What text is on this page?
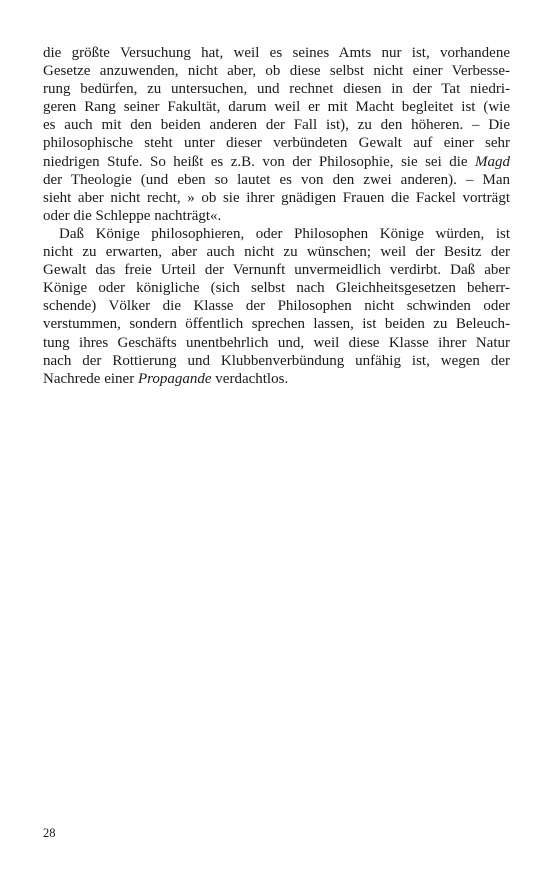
die größte Versuchung hat, weil es seines Amts nur ist, vorhandene
Gesetze anzuwenden, nicht aber, ob diese selbst nicht einer Verbesse-
rung bedürfen, zu untersuchen, und rechnet diesen in der Tat niedri-
geren Rang seiner Fakultät, darum weil er mit Macht begleitet ist (wie
es auch mit den beiden anderen der Fall ist), zu den höheren. – Die
philosophische steht unter dieser verbündeten Gewalt auf einer sehr
niedrigen Stufe. So heißt es z.B. von der Philosophie, sie sei die Magd
der Theologie (und eben so lautet es von den zwei anderen). – Man
sieht aber nicht recht, » ob sie ihrer gnädigen Frauen die Fackel vorträgt
oder die Schleppe nachträgt«.
Daß Könige philosophieren, oder Philosophen Könige würden, ist
nicht zu erwarten, aber auch nicht zu wünschen; weil der Besitz der
Gewalt das freie Urteil der Vernunft unvermeidlich verdirbt. Daß aber
Könige oder königliche (sich selbst nach Gleichheitsgesetzen beherr-
schende) Völker die Klasse der Philosophen nicht schwinden oder
verstummen, sondern öffentlich sprechen lassen, ist beiden zu Beleuch-
tung ihres Geschäfts unentbehrlich und, weil diese Klasse ihrer Natur
nach der Rottierung und Klubbenverbündung unfähig ist, wegen der
Nachrede einer Propagande verdachtlos.
28
